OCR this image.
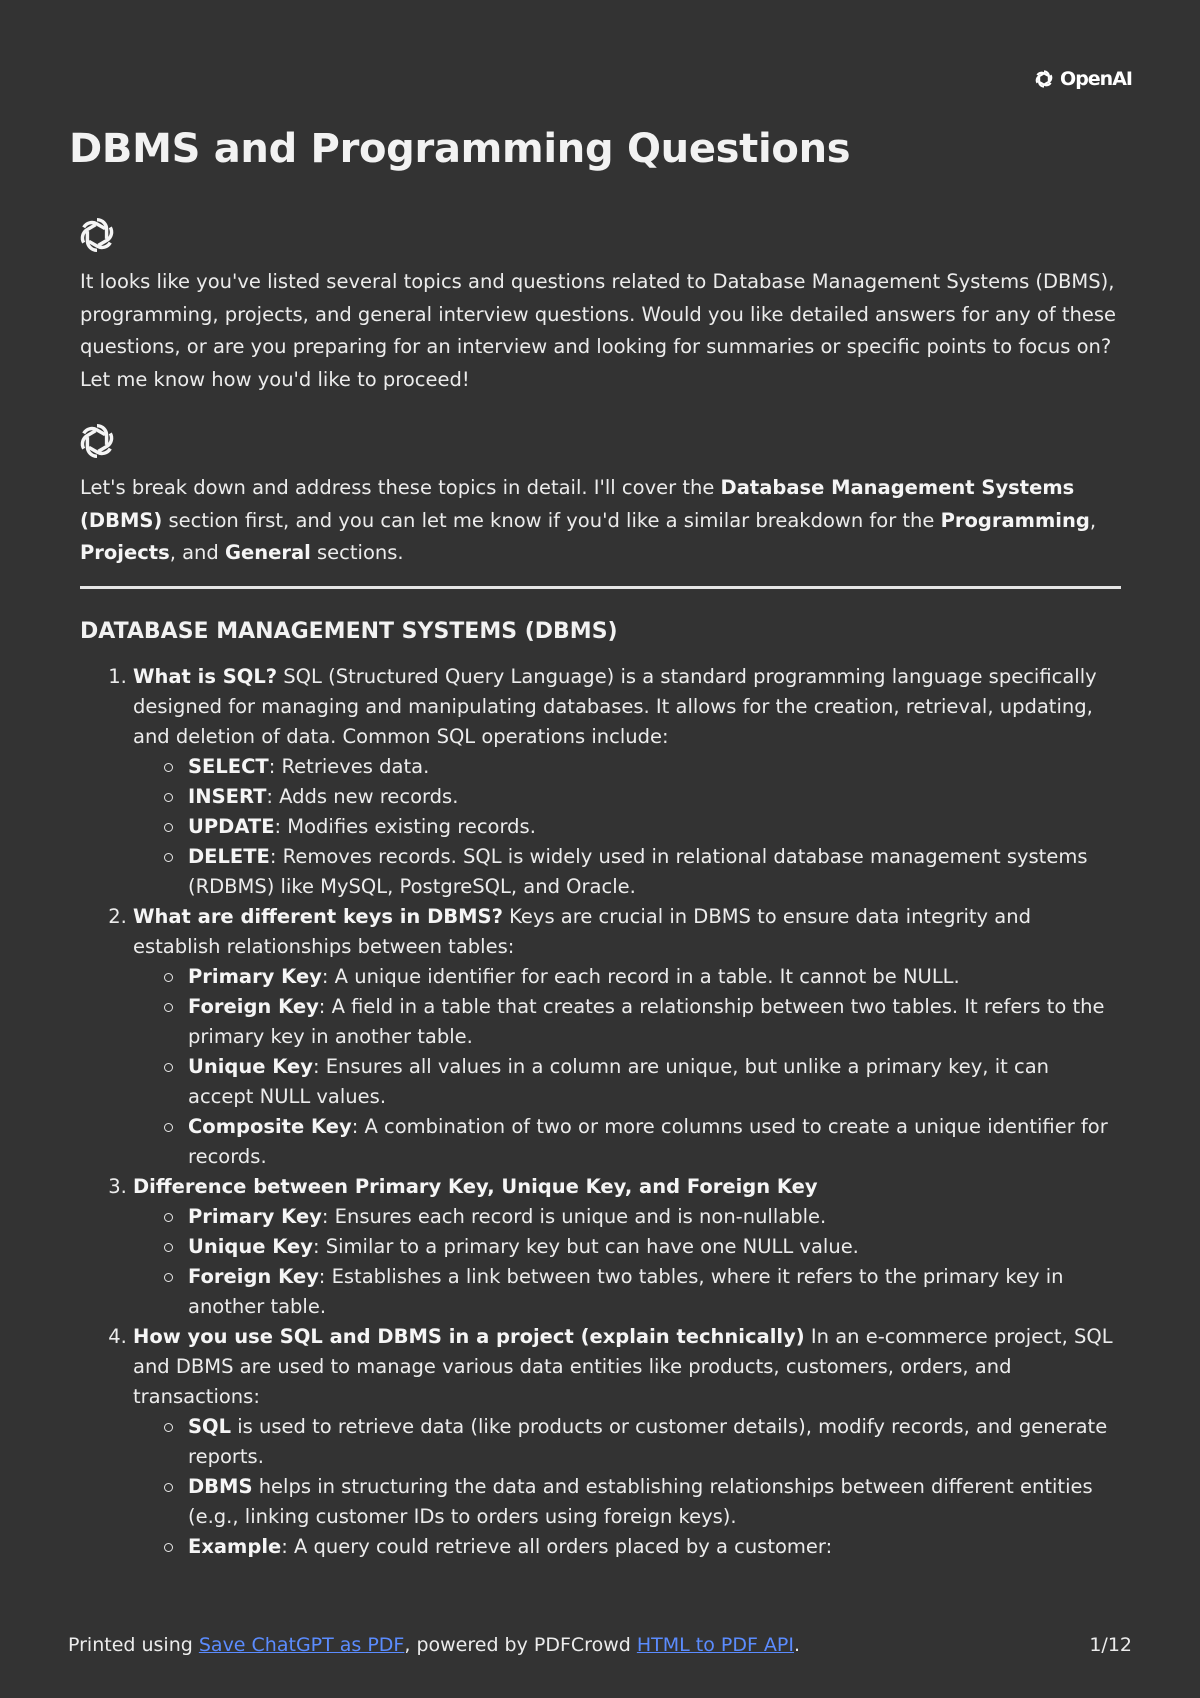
OpenAI
DBMS and Programming Questions

It looks like you've listed several topics and questions related to Database Management Systems (DBMS), programming, projects, and general interview questions. Would you like detailed answers for any of these questions, or are you preparing for an interview and looking for summaries or specific points to focus on? Let me know how you'd like to proceed!

Let's break down and address these topics in detail. I'll cover the Database Management Systems (DBMS) section first, and you can let me know if you'd like a similar breakdown for the Programming, Projects, and General sections.

DATABASE MANAGEMENT SYSTEMS (DBMS)
1. What is SQL? SQL (Structured Query Language) is a standard programming language specifically designed for managing and manipulating databases. It allows for the creation, retrieval, updating, and deletion of data. Common SQL operations include:
SELECT: Retrieves data.
INSERT: Adds new records.
UPDATE: Modifies existing records.
DELETE: Removes records. SQL is widely used in relational database management systems (RDBMS) like MySQL, PostgreSQL, and Oracle.
2. What are different keys in DBMS? Keys are crucial in DBMS to ensure data integrity and establish relationships between tables:
Primary Key: A unique identifier for each record in a table. It cannot be NULL.
Foreign Key: A field in a table that creates a relationship between two tables. It refers to the primary key in another table.
Unique Key: Ensures all values in a column are unique, but unlike a primary key, it can accept NULL values.
Composite Key: A combination of two or more columns used to create a unique identifier for records.
3. Difference between Primary Key, Unique Key, and Foreign Key
Primary Key: Ensures each record is unique and is non-nullable.
Unique Key: Similar to a primary key but can have one NULL value.
Foreign Key: Establishes a link between two tables, where it refers to the primary key in another table.
4. How you use SQL and DBMS in a project (explain technically) In an e-commerce project, SQL and DBMS are used to manage various data entities like products, customers, orders, and transactions:
SQL is used to retrieve data (like products or customer details), modify records, and generate reports.
DBMS helps in structuring the data and establishing relationships between different entities (e.g., linking customer IDs to orders using foreign keys).
Example: A query could retrieve all orders placed by a customer:
Printed using Save ChatGPT as PDF, powered by PDFCrowd HTML to PDF API.	1/12
